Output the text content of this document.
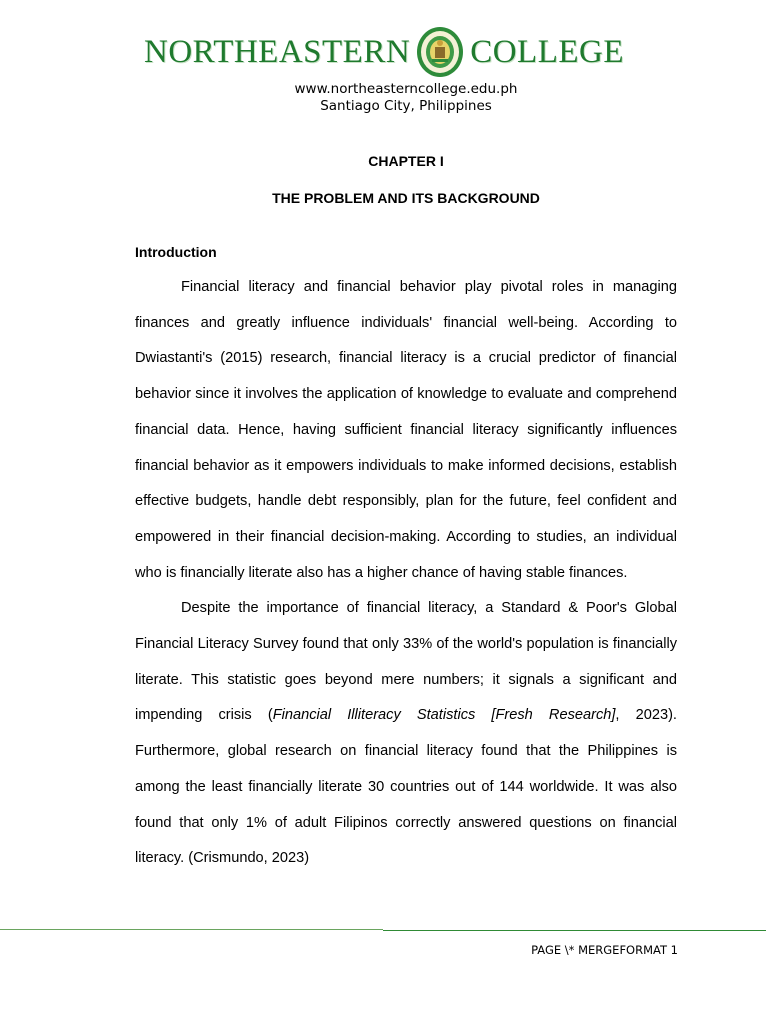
NORTHEASTERN COLLEGE
www.northeasterncollege.edu.ph
Santiago City, Philippines
CHAPTER I
THE PROBLEM AND ITS BACKGROUND
Introduction

Financial literacy and financial behavior play pivotal roles in managing finances and greatly influence individuals' financial well-being. According to Dwiastanti's (2015) research, financial literacy is a crucial predictor of financial behavior since it involves the application of knowledge to evaluate and comprehend financial data. Hence, having sufficient financial literacy significantly influences financial behavior as it empowers individuals to make informed decisions, establish effective budgets, handle debt responsibly, plan for the future, feel confident and empowered in their financial decision-making. According to studies, an individual who is financially literate also has a higher chance of having stable finances.

Despite the importance of financial literacy, a Standard & Poor's Global Financial Literacy Survey found that only 33% of the world's population is financially literate. This statistic goes beyond mere numbers; it signals a significant and impending crisis (Financial Illiteracy Statistics [Fresh Research], 2023). Furthermore, global research on financial literacy found that the Philippines is among the least financially literate 30 countries out of 144 worldwide. It was also found that only 1% of adult Filipinos correctly answered questions on financial literacy. (Crismundo, 2023)

PAGE \* MERGEFORMAT 1
